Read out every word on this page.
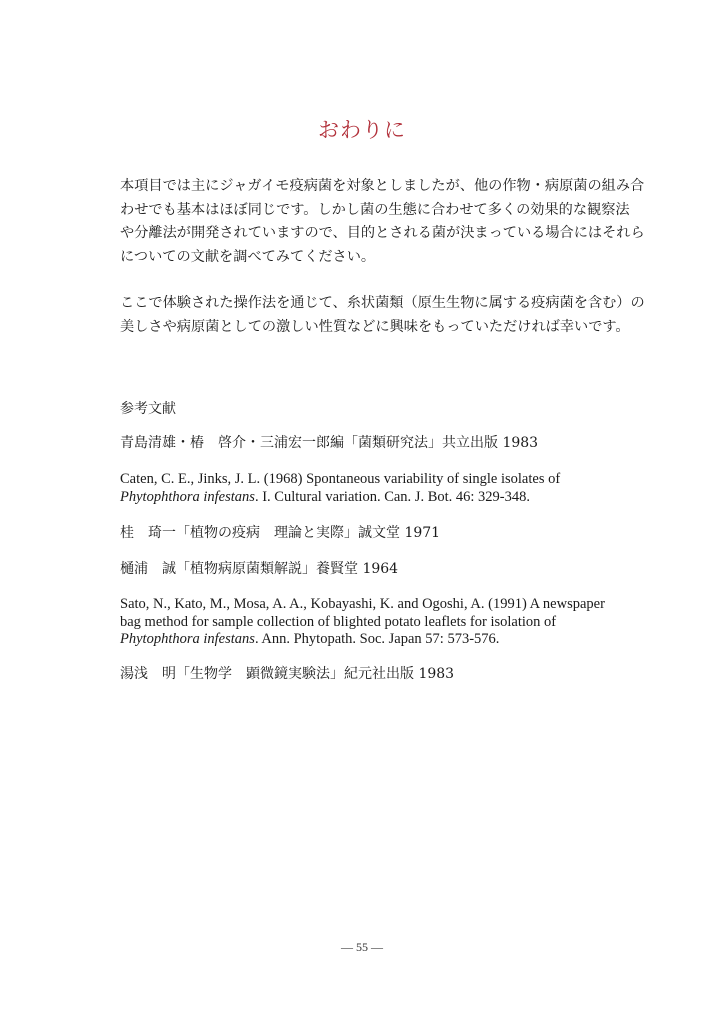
おわりに

本項目では主にジャガイモ疫病菌を対象としましたが、他の作物・病原菌の組み合
わせでも基本はほぼ同じです。しかし菌の生態に合わせて多くの効果的な観察法
や分離法が開発されていますので、目的とされる菌が決まっている場合にはそれら
についての文献を調べてみてください。

ここで体験された操作法を通じて、糸状菌類（原生生物に属する疫病菌を含む）の
美しさや病原菌としての激しい性質などに興味をもっていただければ幸いです。

参考文献

青島清雄・椿　啓介・三浦宏一郎編「菌類研究法」共立出版 1983

Caten, C. E., Jinks, J. L. (1968) Spontaneous variability of single isolates of
Phytophthora infestans. I. Cultural variation. Can. J. Bot. 46: 329-348.

桂　琦一「植物の疫病　理論と実際」誠文堂 1971

樋浦　誠「植物病原菌類解説」養賢堂 1964

Sato, N., Kato, M., Mosa, A. A., Kobayashi, K. and Ogoshi, A. (1991) A newspaper
bag method for sample collection of blighted potato leaflets for isolation of
Phytophthora infestans. Ann. Phytopath. Soc. Japan 57: 573-576.

湯浅　明「生物学　顕微鏡実験法」紀元社出版 1983

― 55 ―
